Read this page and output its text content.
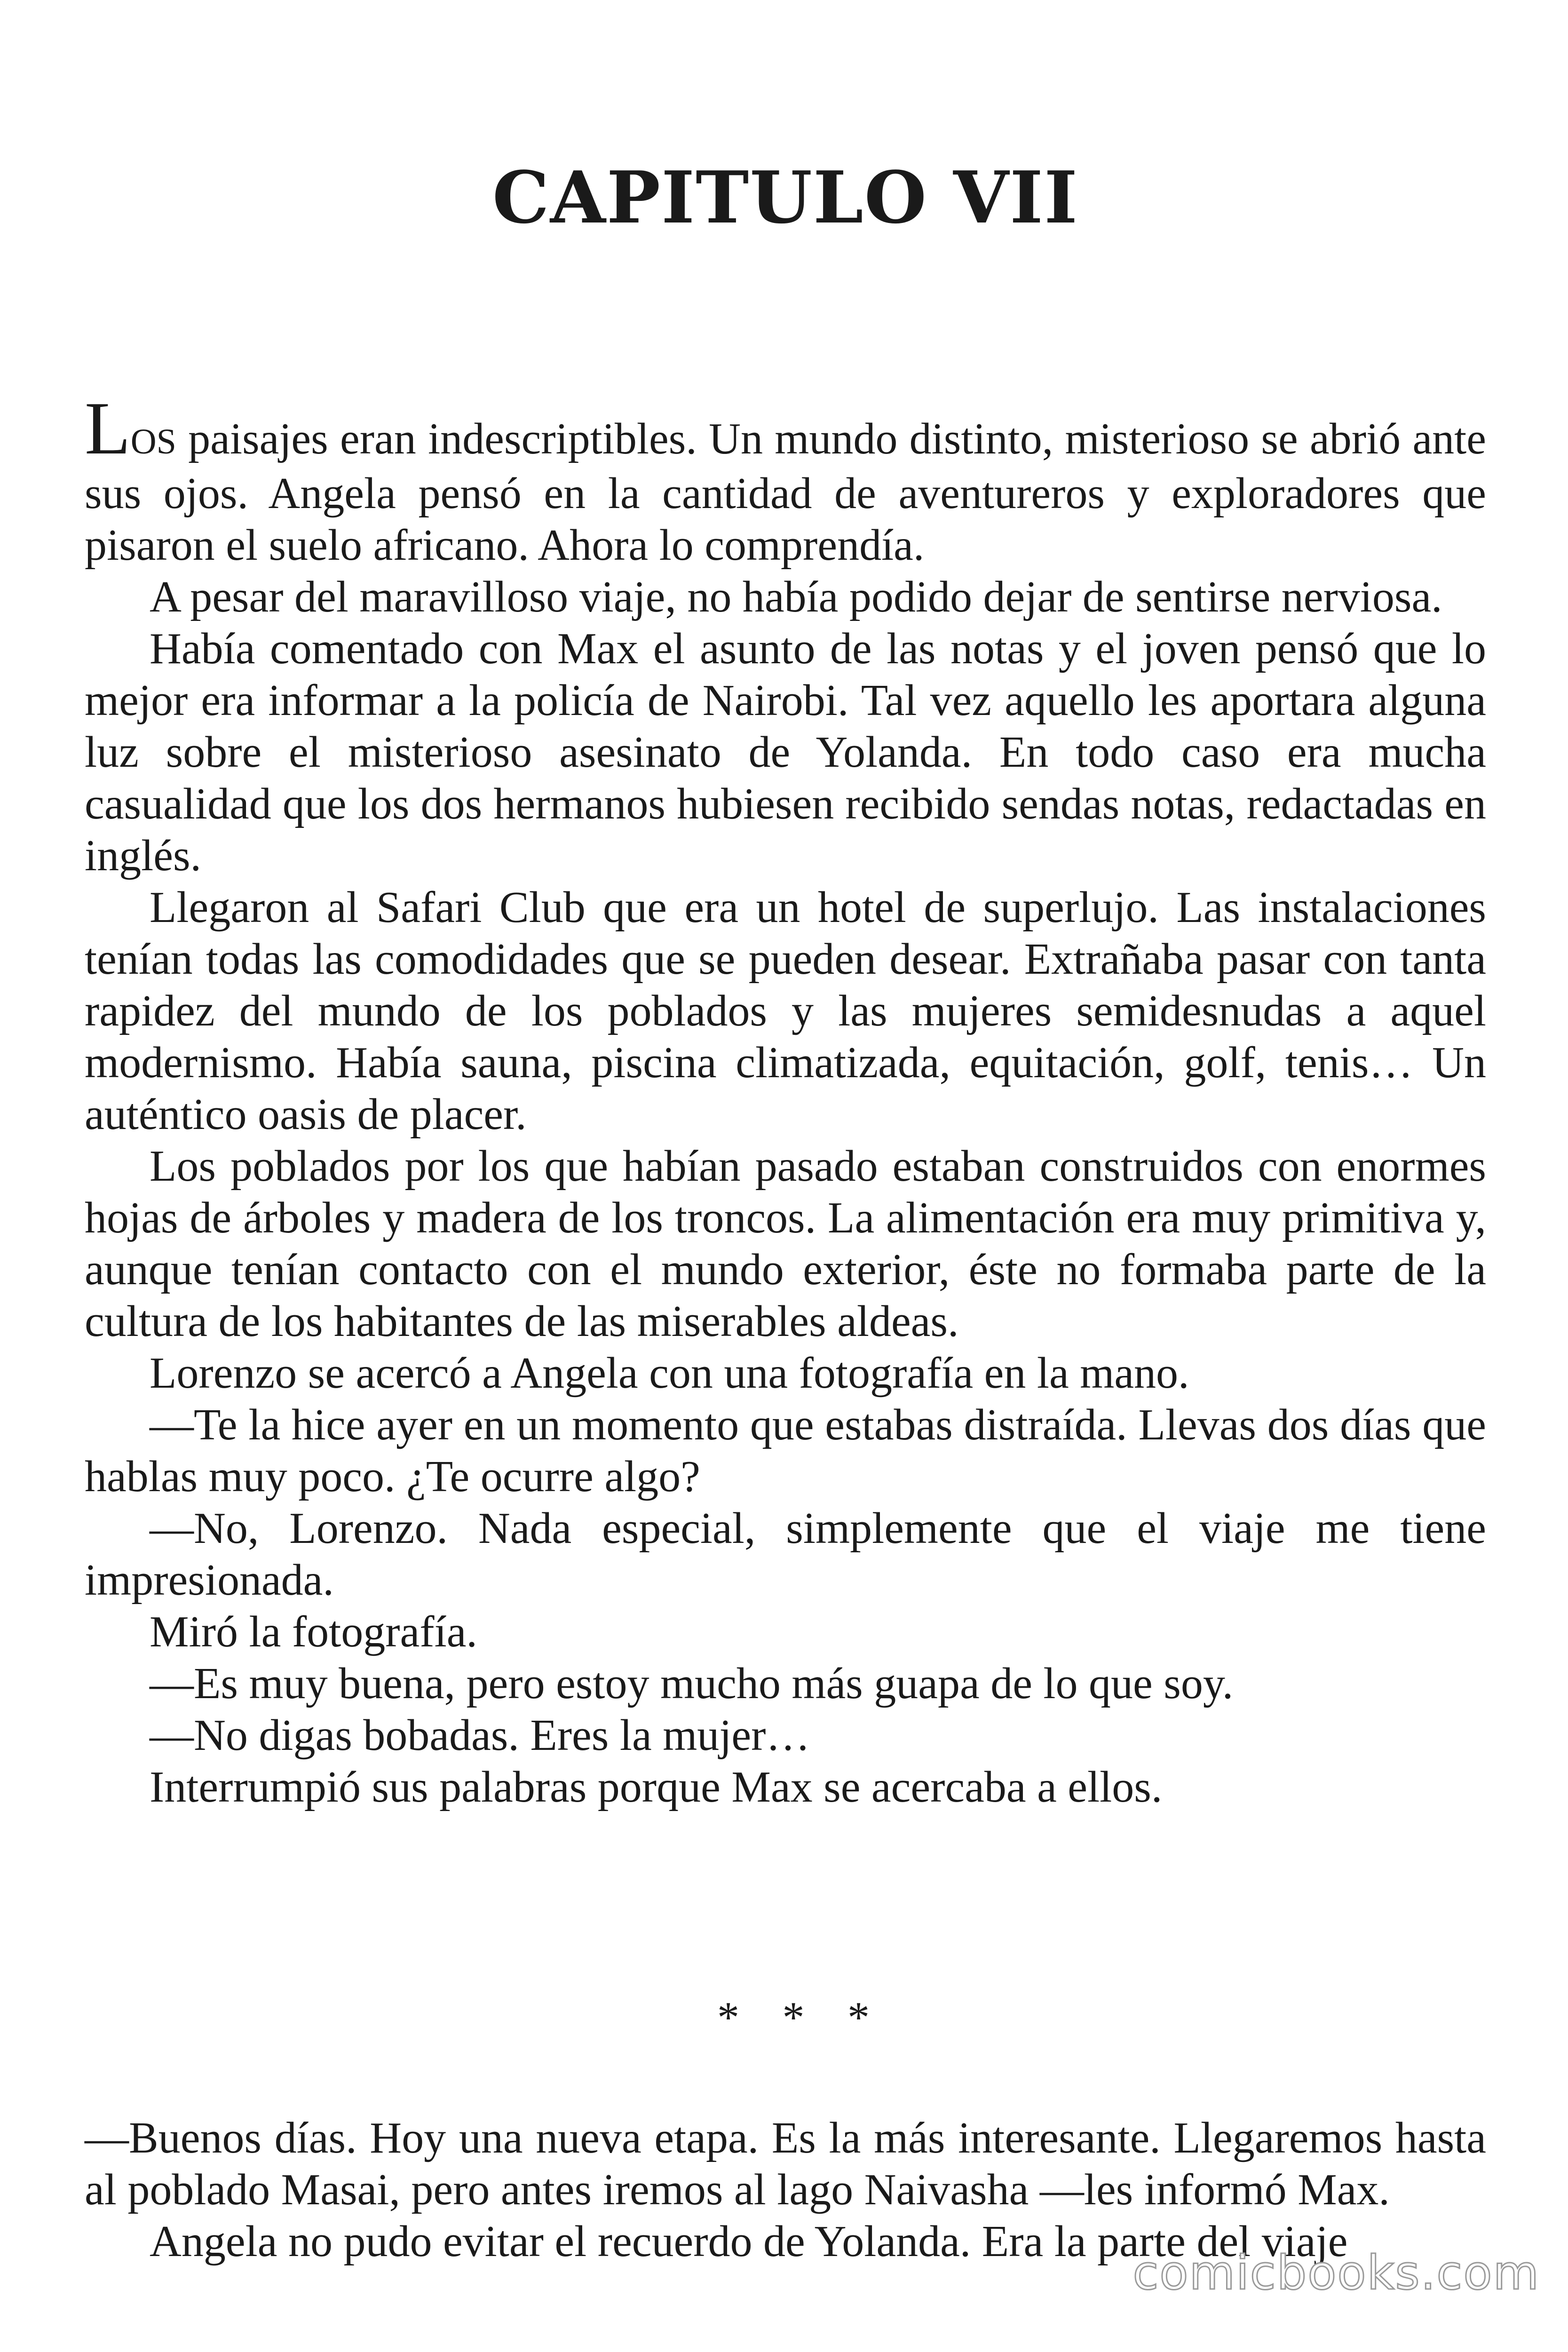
CAPITULO VII

LOS paisajes eran indescriptibles. Un mundo distinto, misterioso se abrió ante sus ojos. Angela pensó en la cantidad de aventureros y exploradores que pisaron el suelo africano. Ahora lo comprendía.

A pesar del maravilloso viaje, no había podido dejar de sentirse nerviosa.

Había comentado con Max el asunto de las notas y el joven pensó que lo mejor era informar a la policía de Nairobi. Tal vez aquello les aportara alguna luz sobre el misterioso asesinato de Yolanda. En todo caso era mucha casualidad que los dos hermanos hubiesen recibido sendas notas, redactadas en inglés.

Llegaron al Safari Club que era un hotel de superlujo. Las instalaciones tenían todas las comodidades que se pueden desear. Extrañaba pasar con tanta rapidez del mundo de los poblados y las mujeres semidesnudas a aquel modernismo. Había sauna, piscina climatizada, equitación, golf, tenis… Un auténtico oasis de placer.

Los poblados por los que habían pasado estaban construidos con enormes hojas de árboles y madera de los troncos. La alimentación era muy primitiva y, aunque tenían contacto con el mundo exterior, éste no formaba parte de la cultura de los habitantes de las miserables aldeas.

Lorenzo se acercó a Angela con una fotografía en la mano.

—Te la hice ayer en un momento que estabas distraída. Llevas dos días que hablas muy poco. ¿Te ocurre algo?

—No, Lorenzo. Nada especial, simplemente que el viaje me tiene impresionada.

Miró la fotografía.

—Es muy buena, pero estoy mucho más guapa de lo que soy.

—No digas bobadas. Eres la mujer…

Interrumpió sus palabras porque Max se acercaba a ellos.

* * *

—Buenos días. Hoy una nueva etapa. Es la más interesante. Llegaremos hasta al poblado Masai, pero antes iremos al lago Naivasha —les informó Max.

Angela no pudo evitar el recuerdo de Yolanda. Era la parte del viaje

comicbooks.com
